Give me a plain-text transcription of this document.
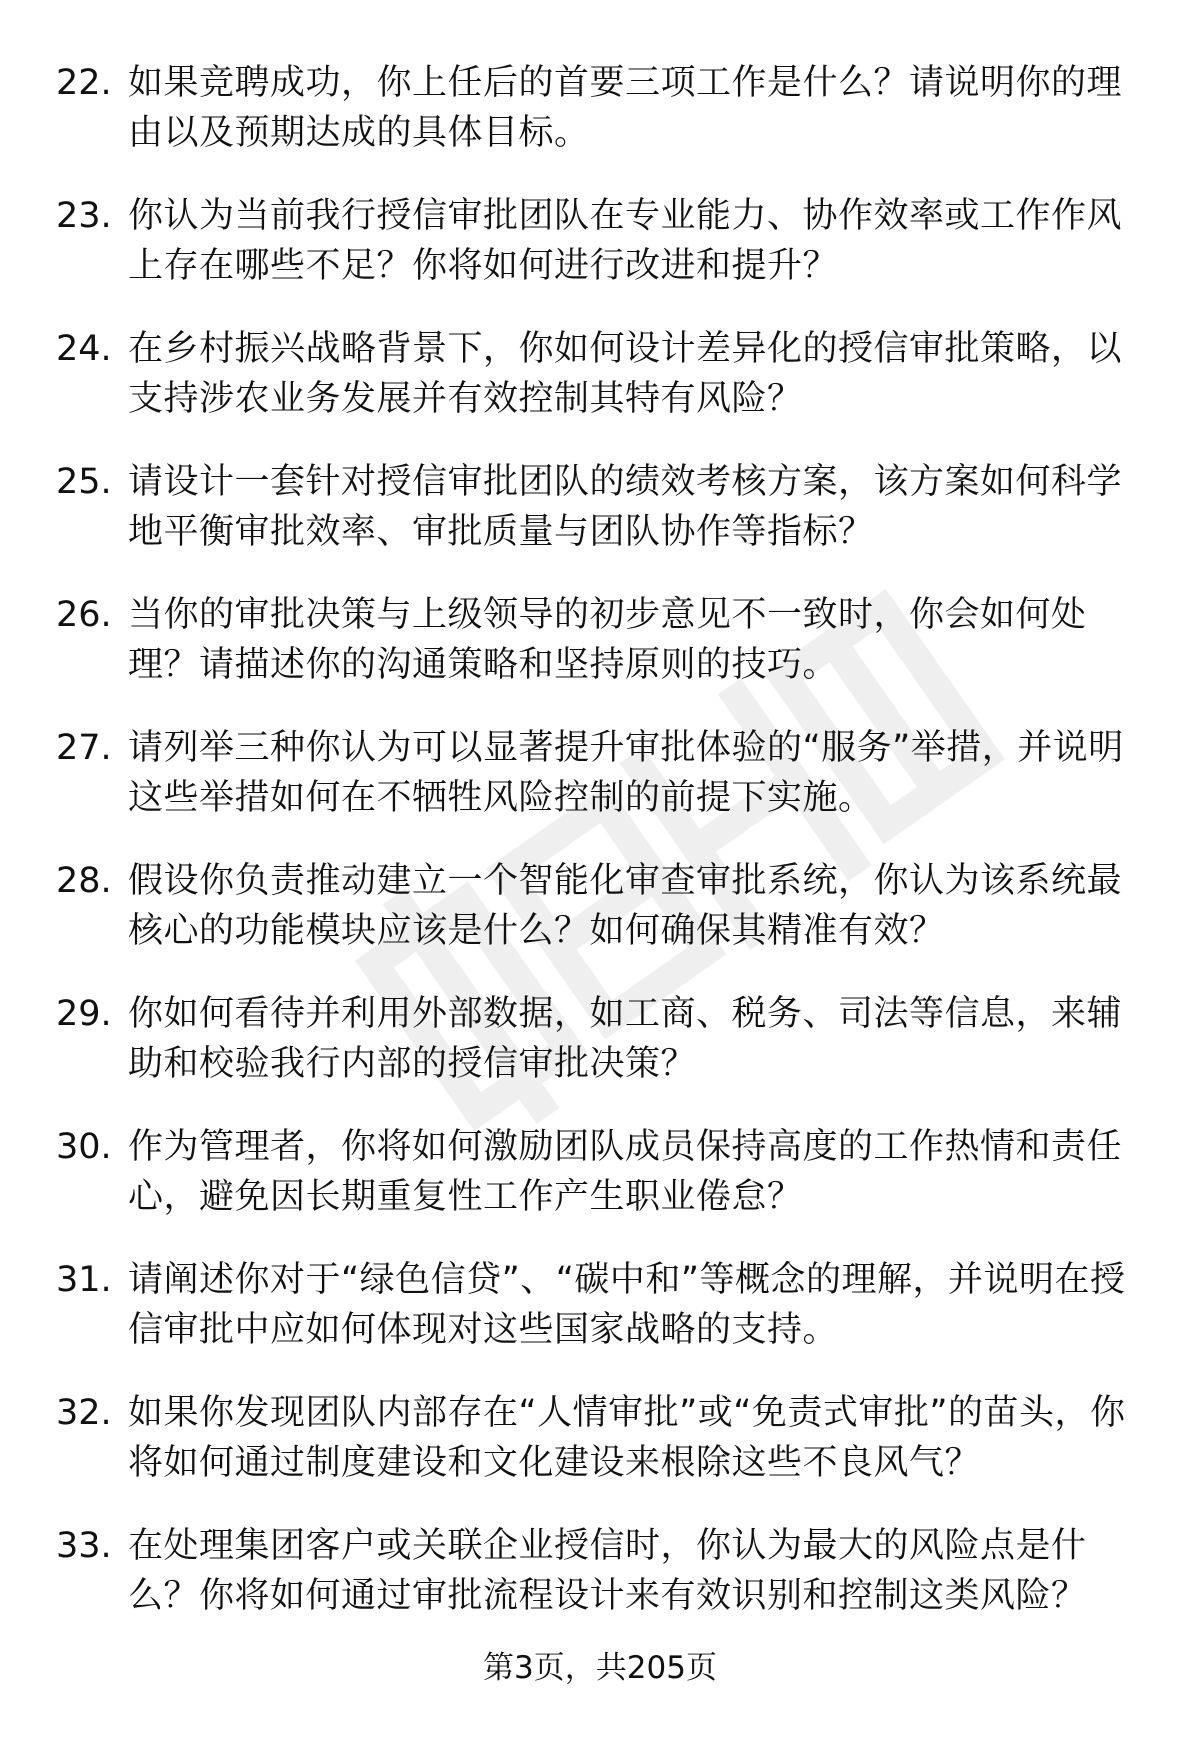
22. 如果竞聘成功，你上任后的首要三项工作是什么？请说明你的理由以及预期达成的具体目标。
23. 你认为当前我行授信审批团队在专业能力、协作效率或工作作风上存在哪些不足？你将如何进行改进和提升？
24. 在乡村振兴战略背景下，你如何设计差异化的授信审批策略，以支持涉农业务发展并有效控制其特有风险？
25. 请设计一套针对授信审批团队的绩效考核方案，该方案如何科学地平衡审批效率、审批质量与团队协作等指标？
26. 当你的审批决策与上级领导的初步意见不一致时，你会如何处理？请描述你的沟通策略和坚持原则的技巧。
27. 请列举三种你认为可以显著提升审批体验的“服务”举措，并说明这些举措如何在不牺牲风险控制的前提下实施。
28. 假设你负责推动建立一个智能化审查审批系统，你认为该系统最核心的功能模块应该是什么？如何确保其精准有效？
29. 你如何看待并利用外部数据，如工商、税务、司法等信息，来辅助和校验我行内部的授信审批决策？
30. 作为管理者，你将如何激励团队成员保持高度的工作热情和责任心，避免因长期重复性工作产生职业倦怠？
31. 请阐述你对于“绿色信贷”、“碳中和”等概念的理解，并说明在授信审批中应如何体现对这些国家战略的支持。
32. 如果你发现团队内部存在“人情审批”或“免责式审批”的苗头，你将如何通过制度建设和文化建设来根除这些不良风气？
33. 在处理集团客户或关联企业授信时，你认为最大的风险点是什么？你将如何通过审批流程设计来有效识别和控制这类风险？
第3页，共205页
